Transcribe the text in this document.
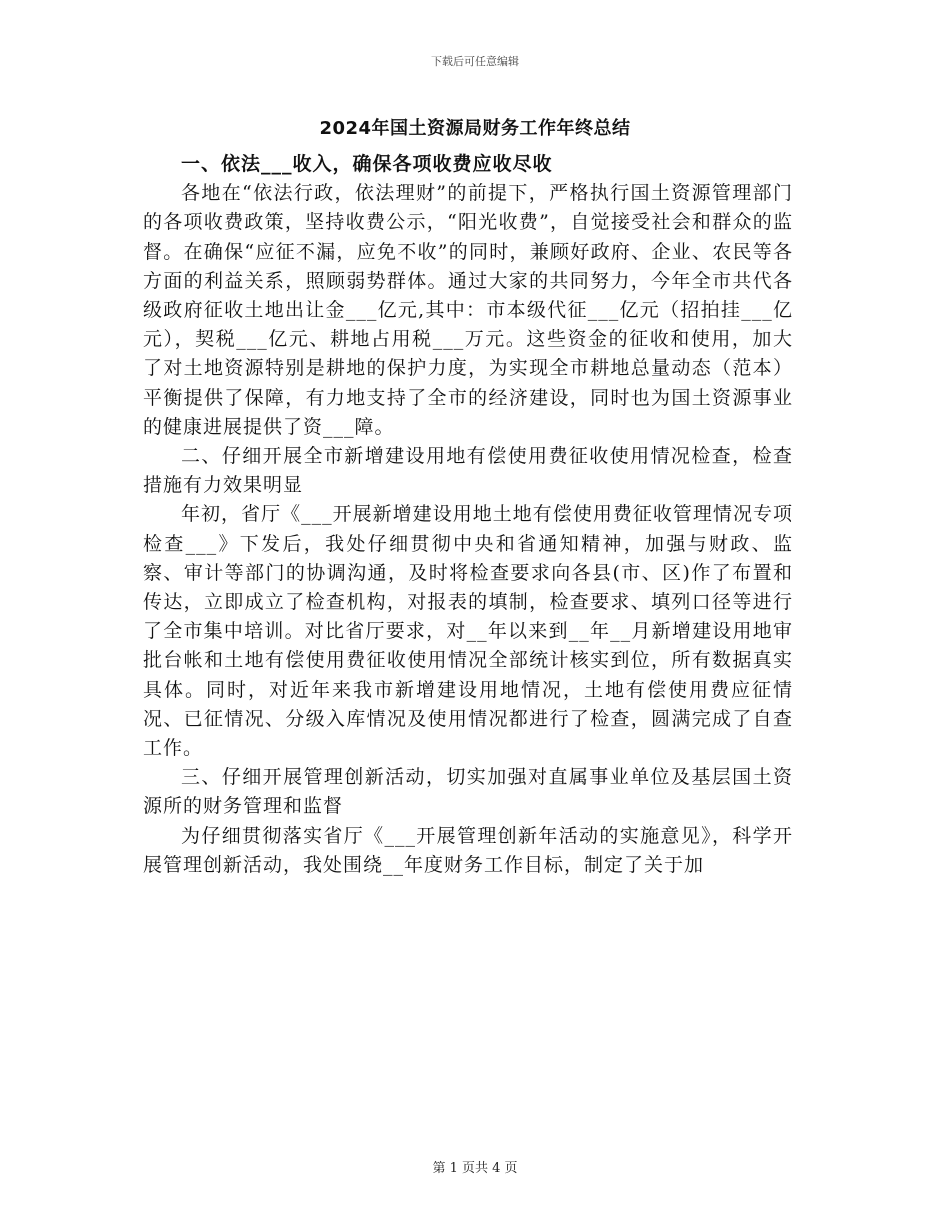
下载后可任意编辑
2024年国土资源局财务工作年终总结

一、依法___收入，确保各项收费应收尽收

各地在“依法行政，依法理财”的前提下，严格执行国土资源管理部门的各项收费政策，坚持收费公示，“阳光收费”，自觉接受社会和群众的监督。在确保“应征不漏，应免不收”的同时，兼顾好政府、企业、农民等各方面的利益关系，照顾弱势群体。通过大家的共同努力，今年全市共代各级政府征收土地出让金___亿元,其中：市本级代征___亿元（招拍挂___亿元），契税___亿元、耕地占用税___万元。这些资金的征收和使用，加大了对土地资源特别是耕地的保护力度，为实现全市耕地总量动态（范本）平衡提供了保障，有力地支持了全市的经济建设，同时也为国土资源事业的健康进展提供了资___障。

二、仔细开展全市新增建设用地有偿使用费征收使用情况检查，检查措施有力效果明显

年初，省厅《___开展新增建设用地土地有偿使用费征收管理情况专项检查___》下发后，我处仔细贯彻中央和省通知精神，加强与财政、监察、审计等部门的协调沟通，及时将检查要求向各县(市、区)作了布置和传达，立即成立了检查机构，对报表的填制，检查要求、填列口径等进行了全市集中培训。对比省厅要求，对__年以来到__年__月新增建设用地审批台帐和土地有偿使用费征收使用情况全部统计核实到位，所有数据真实具体。同时，对近年来我市新增建设用地情况，土地有偿使用费应征情况、已征情况、分级入库情况及使用情况都进行了检查，圆满完成了自查工作。

三、仔细开展管理创新活动，切实加强对直属事业单位及基层国土资源所的财务管理和监督

为仔细贯彻落实省厅《___开展管理创新年活动的实施意见》，科学开展管理创新活动，我处围绕__年度财务工作目标，制定了关于加

第 1 页共 4 页
